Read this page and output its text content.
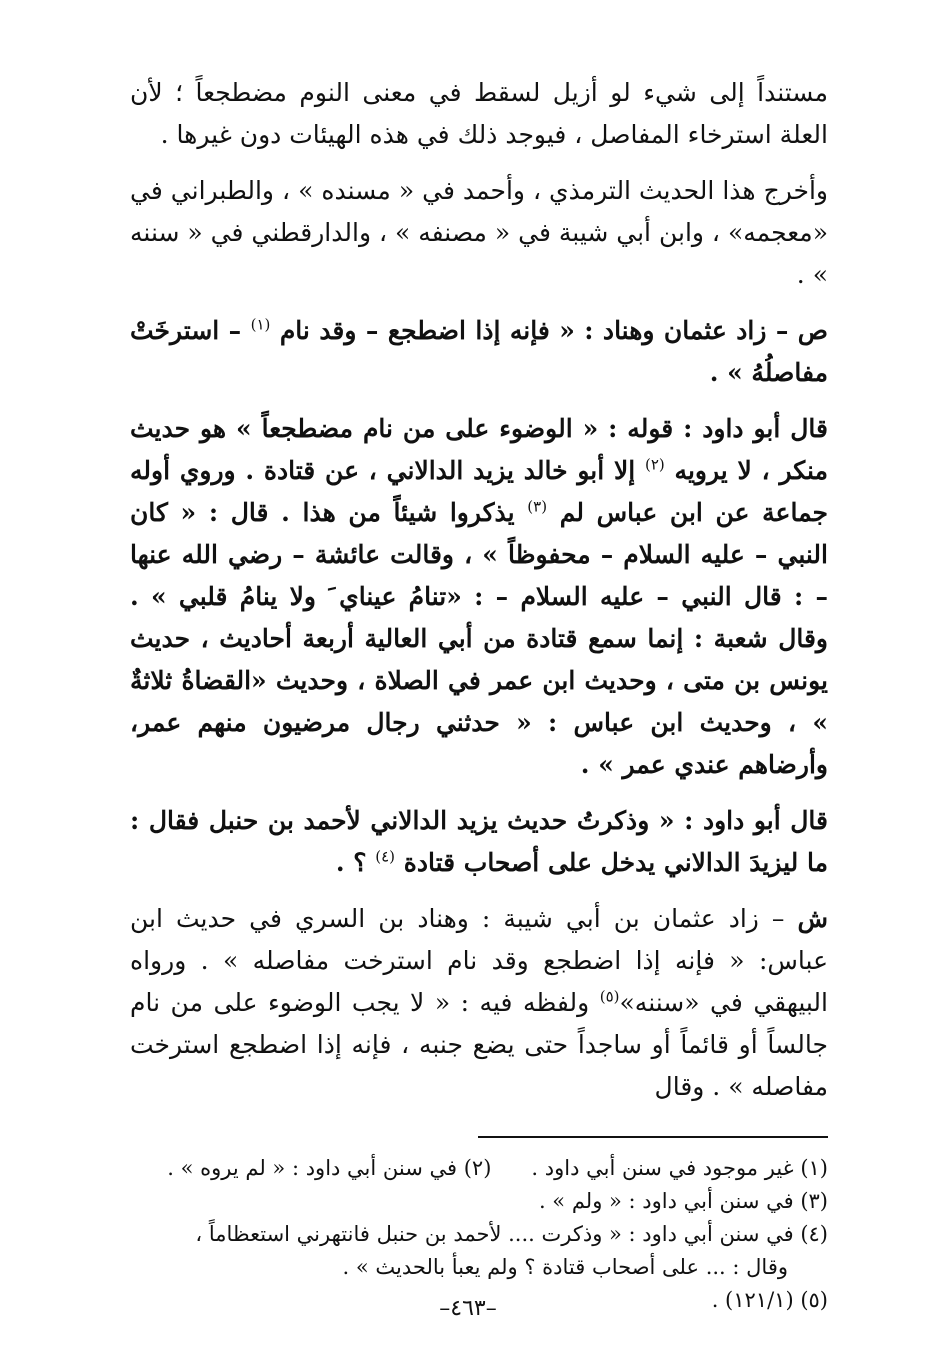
مستنداً إلى شيء لو أزيل لسقط في معنى النوم مضطجعاً ؛ لأن العلة استرخاء المفاصل ، فيوجد ذلك في هذه الهيئات دون غيرها .

وأخرج هذا الحديث الترمذي ، وأحمد في « مسنده » ، والطبراني في «معجمه» ، وابن أبي شيبة في « مصنفه » ، والدارقطني في « سننه » .

ص – زاد عثمان وهناد : « فإنه إذا اضطجع – وقد نام $^{(١)}$ – استرخَتْ مفاصلُهُ » .

قال أبو داود : قوله : « الوضوء على من نام مضطجعاً » هو حديث منكر ، لا يرويه $^{(٢)}$ إلا أبو خالد يزيد الدالاني ، عن قتادة . وروي أوله جماعة عن ابن عباس لم $^{(٣)}$ يذكروا شيئاً من هذا . قال : « كان النبي – عليه السلام – محفوظاً » ، وقالت عائشة – رضي الله عنها – : قال النبي – عليه السلام – : «تنامُ عيناي َ ولا ينامُ قلبي » . وقال شعبة : إنما سمع قتادة من أبي العالية أربعة أحاديث ، حديث يونس بن متى ، وحديث ابن عمر في الصلاة ، وحديث «القضاةُ ثلاثةٌ » ، وحديث ابن عباس : « حدثني رجال مرضيون منهم عمر، وأرضاهم عندي عمر » .

قال أبو داود : « وذكرتُ حديث يزيد الدالاني لأحمد بن حنبل فقال : ما ليزيدَ الدالاني يدخل على أصحاب قتادة $^{(٤)}$ ؟ .

ش – زاد عثمان بن أبي شيبة : وهناد بن السري في حديث ابن عباس: « فإنه إذا اضطجع وقد نام استرخت مفاصله » . ورواه البيهقي في «سننه»$^{(٥)}$ ولفظه فيه : « لا يجب الوضوء على من نام جالساً أو قائماً أو ساجداً حتى يضع جنبه ، فإنه إذا اضطجع استرخت مفاصله » . وقال

(١) غير موجود في سنن أبي داود .

(٢) في سنن أبي داود : « لم يروه » .

(٣) في سنن أبي داود : « ولم » .

(٤) في سنن أبي داود : « وذكرت .... لأحمد بن حنبل فانتهرني استعظاماً ،

وقال : ... على أصحاب قتادة ؟ ولم يعبأ بالحديث » .

(٥) (١٢١/١) .

–٤٦٣–
